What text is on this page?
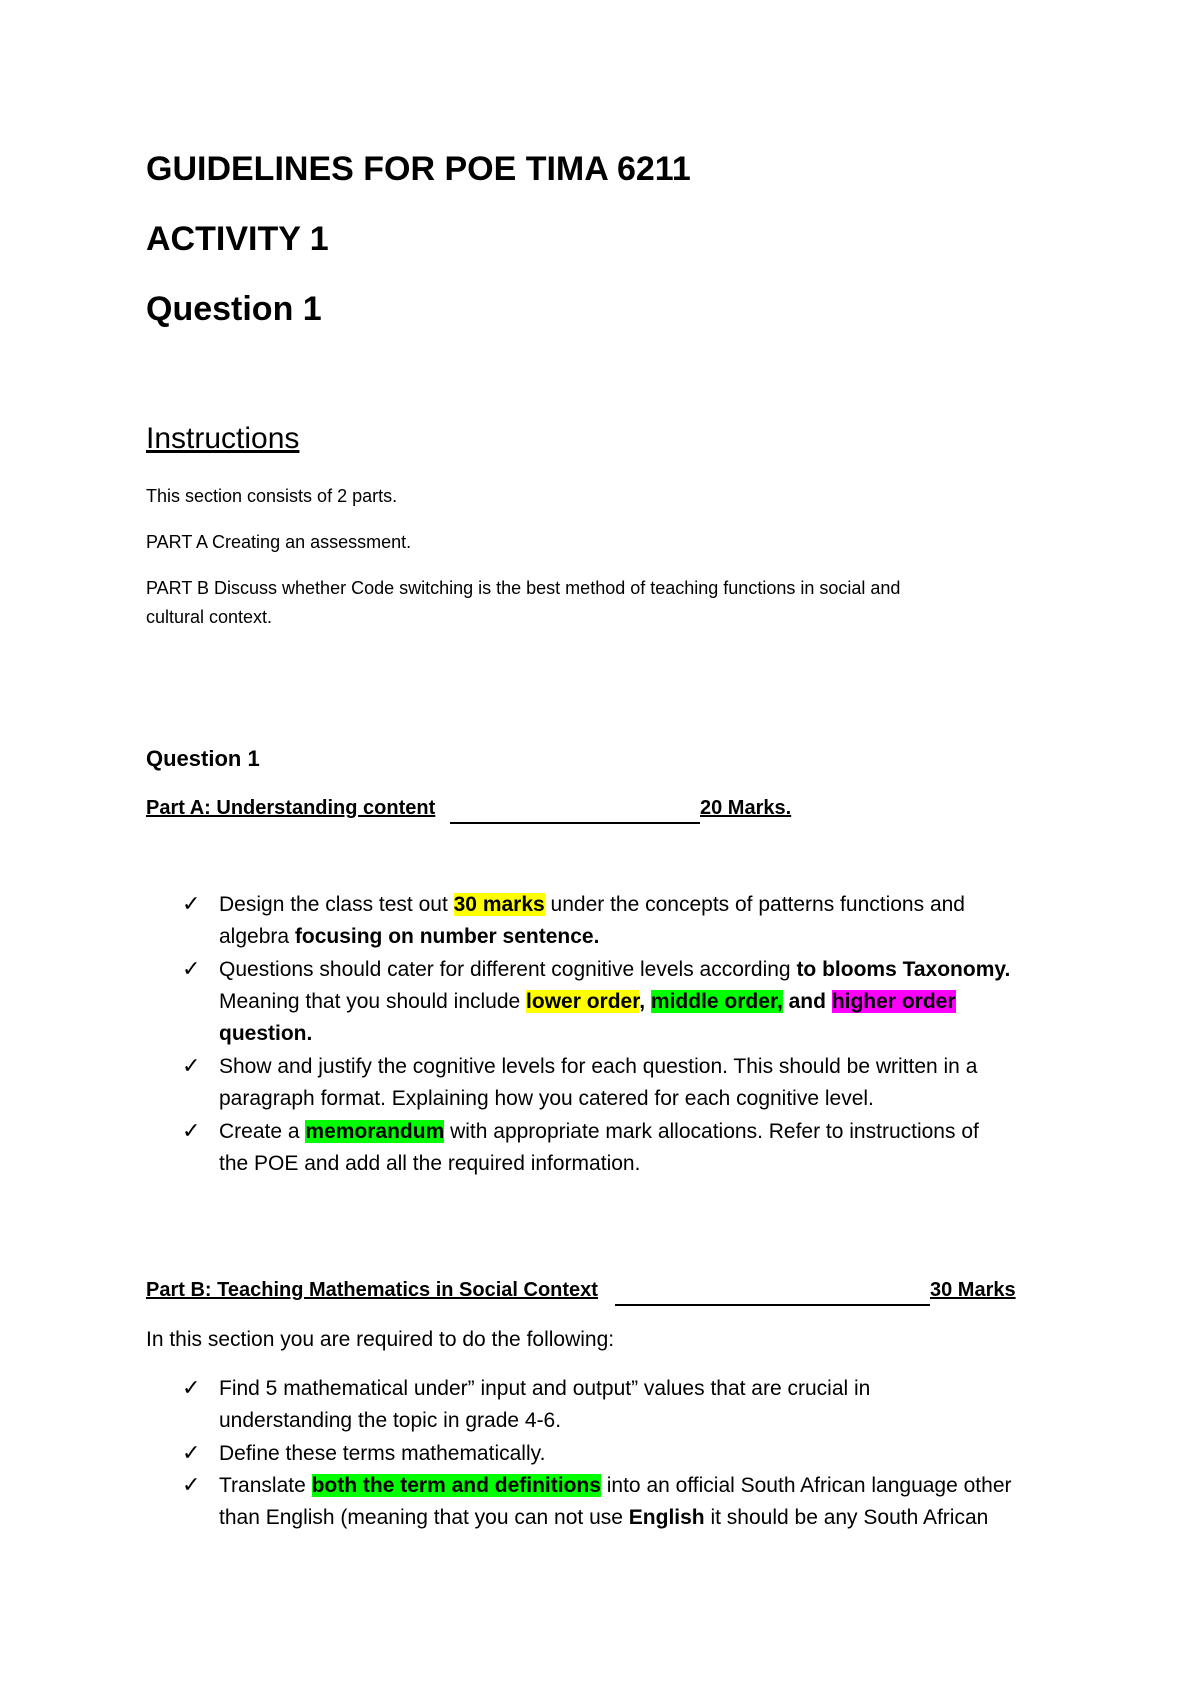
GUIDELINES FOR POE TIMA 6211
ACTIVITY 1
Question 1
Instructions
This section consists of 2 parts.
PART A Creating an assessment.
PART B Discuss whether Code switching is the best method of teaching functions in social and
cultural context.
Question 1
Part A: Understanding content	20 Marks.
✓ Design the class test out 30 marks under the concepts of patterns functions and
algebra focusing on number sentence.
✓ Questions should cater for different cognitive levels according to blooms Taxonomy.
Meaning that you should include lower order, middle order, and higher order
question.
✓ Show and justify the cognitive levels for each question. This should be written in a
paragraph format. Explaining how you catered for each cognitive level.
✓ Create a memorandum with appropriate mark allocations. Refer to instructions of
the POE and add all the required information.
Part B: Teaching Mathematics in Social Context	30 Marks
In this section you are required to do the following:
✓ Find 5 mathematical under” input and output” values that are crucial in
understanding the topic in grade 4-6.
✓ Define these terms mathematically.
✓ Translate both the term and definitions into an official South African language other
than English (meaning that you can not use English it should be any South African
